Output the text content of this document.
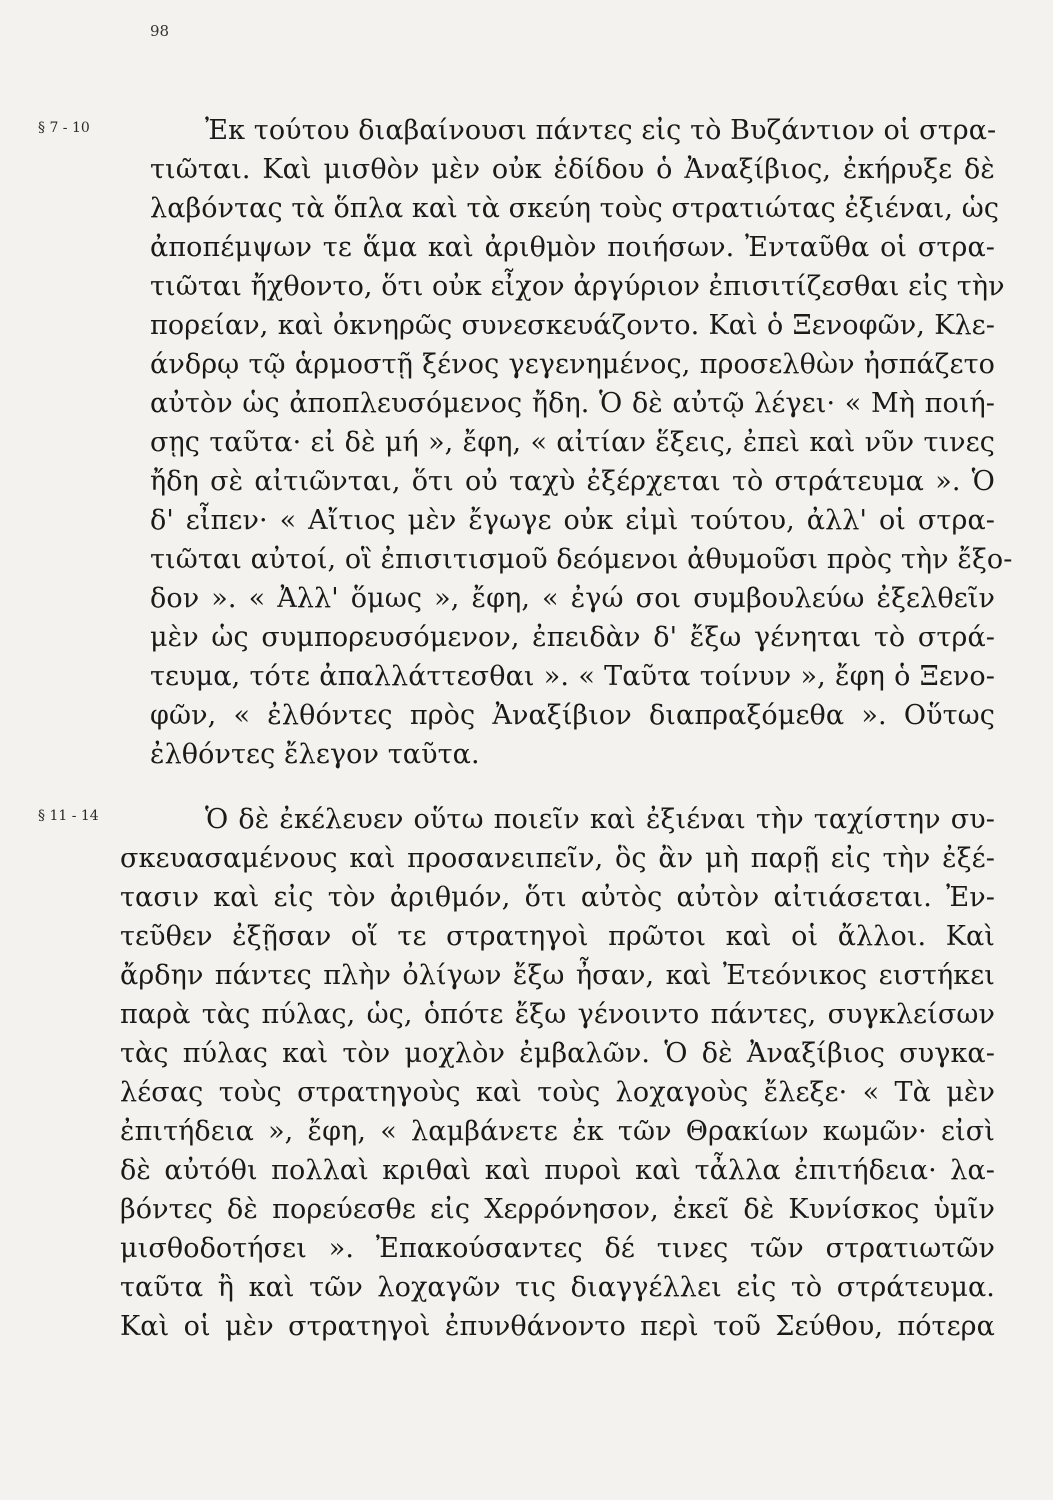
98
§ 7 - 10	Ἐκ τούτου διαβαίνουσι πάντες εἰς τὸ Βυζάντιον οἱ στρα-
τιῶται. Καὶ μισθὸν μὲν οὐκ ἐδίδου ὁ Ἀναξίβιος, ἐκήρυξε δὲ
λαβόντας τὰ ὅπλα καὶ τὰ σκεύη τοὺς στρατιώτας ἐξιέναι, ὡς
ἀποπέμψων τε ἅμα καὶ ἀριθμὸν ποιήσων. Ἐνταῦθα οἱ στρα-
τιῶται ἤχθοντο, ὅτι οὐκ εἶχον ἀργύριον ἐπισιτίζεσθαι εἰς τὴν
πορείαν, καὶ ὀκνηρῶς συνεσκευάζοντο. Καὶ ὁ Ξενοφῶν, Κλε-
άνδρῳ τῷ ἁρμοστῇ ξένος γεγενημένος, προσελθὼν ἠσπάζετο
αὐτὸν ὡς ἀποπλευσόμενος ἤδη. Ὁ δὲ αὐτῷ λέγει· « Μὴ ποιή-
σῃς ταῦτα· εἰ δὲ μή », ἔφη, « αἰτίαν ἕξεις, ἐπεὶ καὶ νῦν τινες
ἤδη σὲ αἰτιῶνται, ὅτι οὐ ταχὺ ἐξέρχεται τὸ στράτευμα ». Ὁ
δ' εἶπεν· « Αἴτιος μὲν ἔγωγε οὐκ εἰμὶ τούτου, ἀλλ' οἱ στρα-
τιῶται αὐτοί, οἳ ἐπισιτισμοῦ δεόμενοι ἀθυμοῦσι πρὸς τὴν ἔξο-
δον ». « Ἀλλ' ὅμως », ἔφη, « ἐγώ σοι συμβουλεύω ἐξελθεῖν
μὲν ὡς συμπορευσόμενον, ἐπειδὰν δ' ἔξω γένηται τὸ στρά-
τευμα, τότε ἀπαλλάττεσθαι ». « Ταῦτα τοίνυν », ἔφη ὁ Ξενο-
φῶν, « ἐλθόντες πρὸς Ἀναξίβιον διαπραξόμεθα ». Οὕτως
ἐλθόντες ἔλεγον ταῦτα.
§ 11 - 14	Ὁ δὲ ἐκέλευεν οὕτω ποιεῖν καὶ ἐξιέναι τὴν ταχίστην συ-
σκευασαμένους καὶ προσανειπεῖν, ὃς ἂν μὴ παρῇ εἰς τὴν ἐξέ-
τασιν καὶ εἰς τὸν ἀριθμόν, ὅτι αὐτὸς αὐτὸν αἰτιάσεται. Ἐν-
τεῦθεν ἐξῇσαν οἵ τε στρατηγοὶ πρῶτοι καὶ οἱ ἄλλοι. Καὶ
ἄρδην πάντες πλὴν ὀλίγων ἔξω ἦσαν, καὶ Ἐτεόνικος ειστήκει
παρὰ τὰς πύλας, ὡς, ὁπότε ἔξω γένοιντο πάντες, συγκλείσων
τὰς πύλας καὶ τὸν μοχλὸν ἐμβαλῶν. Ὁ δὲ Ἀναξίβιος συγκα-
λέσας τοὺς στρατηγοὺς καὶ τοὺς λοχαγοὺς ἔλεξε· « Τὰ μὲν
ἐπιτήδεια », ἔφη, « λαμβάνετε ἐκ τῶν Θρακίων κωμῶν· εἰσὶ
δὲ αὐτόθι πολλαὶ κριθαὶ καὶ πυροὶ καὶ τἆλλα ἐπιτήδεια· λα-
βόντες δὲ πορεύεσθε εἰς Χερρόνησον, ἐκεῖ δὲ Κυνίσκος ὑμῖν
μισθοδοτήσει ». Ἐπακούσαντες δέ τινες τῶν στρατιωτῶν
ταῦτα ἢ καὶ τῶν λοχαγῶν τις διαγγέλλει εἰς τὸ στράτευμα.
Καὶ οἱ μὲν στρατηγοὶ ἐπυνθάνοντο περὶ τοῦ Σεύθου, πότερα
